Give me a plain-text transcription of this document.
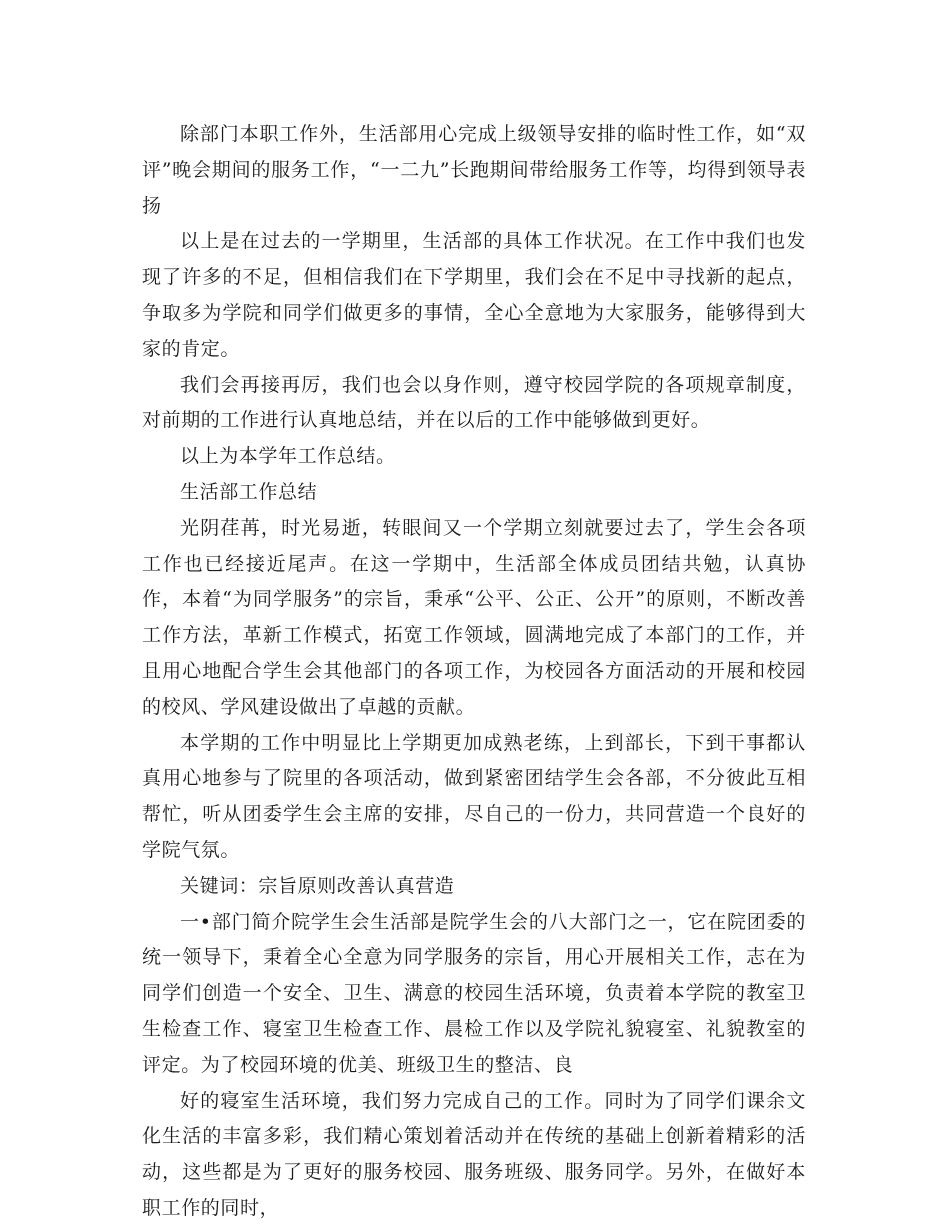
除部门本职工作外，生活部用心完成上级领导安排的临时性工作，如“双评”晚会期间的服务工作，“一二九”长跑期间带给服务工作等，均得到领导表扬

以上是在过去的一学期里，生活部的具体工作状况。在工作中我们也发现了许多的不足，但相信我们在下学期里，我们会在不足中寻找新的起点，争取多为学院和同学们做更多的事情，全心全意地为大家服务，能够得到大家的肯定。

我们会再接再厉，我们也会以身作则，遵守校园学院的各项规章制度，对前期的工作进行认真地总结，并在以后的工作中能够做到更好。

以上为本学年工作总结。

生活部工作总结

光阴荏苒，时光易逝，转眼间又一个学期立刻就要过去了，学生会各项工作也已经接近尾声。在这一学期中，生活部全体成员团结共勉，认真协作，本着“为同学服务”的宗旨，秉承“公平、公正、公开”的原则，不断改善工作方法，革新工作模式，拓宽工作领域，圆满地完成了本部门的工作，并且用心地配合学生会其他部门的各项工作，为校园各方面活动的开展和校园的校风、学风建设做出了卓越的贡献。

本学期的工作中明显比上学期更加成熟老练，上到部长，下到干事都认真用心地参与了院里的各项活动，做到紧密团结学生会各部，不分彼此互相帮忙，听从团委学生会主席的安排，尽自己的一份力，共同营造一个良好的学院气氛。

关键词：宗旨原则改善认真营造

一•部门简介院学生会生活部是院学生会的八大部门之一，它在院团委的统一领导下，秉着全心全意为同学服务的宗旨，用心开展相关工作，志在为同学们创造一个安全、卫生、满意的校园生活环境，负责着本学院的教室卫生检查工作、寝室卫生检查工作、晨检工作以及学院礼貌寝室、礼貌教室的评定。为了校园环境的优美、班级卫生的整洁、良

好的寝室生活环境，我们努力完成自己的工作。同时为了同学们课余文化生活的丰富多彩，我们精心策划着活动并在传统的基础上创新着精彩的活动，这些都是为了更好的服务校园、服务班级、服务同学。另外，在做好本职工作的同时，
